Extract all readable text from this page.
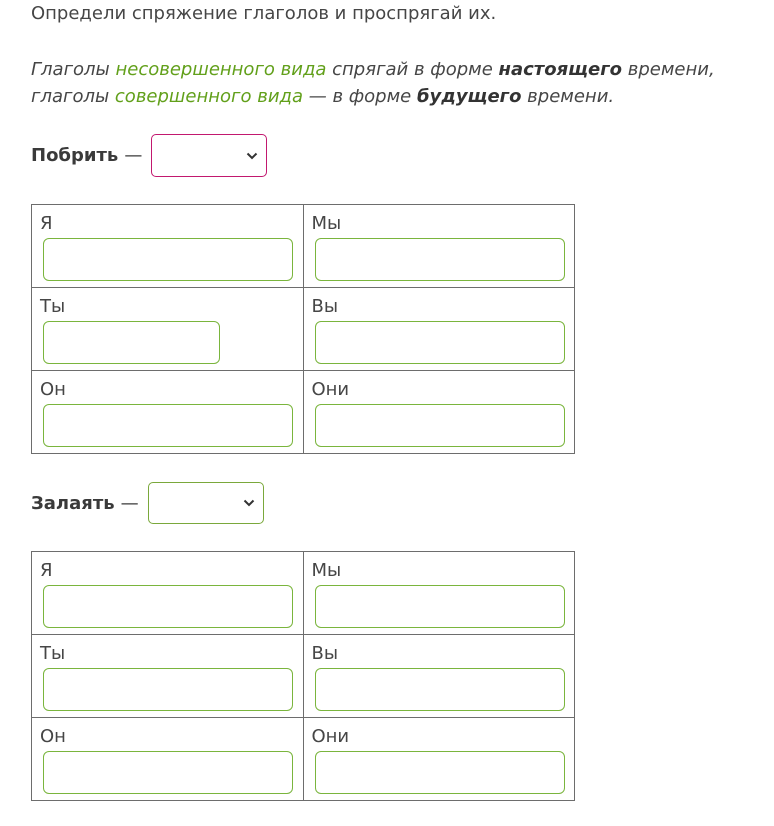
Определи спряжение глаголов и проспрягай их.
Глаголы несовершенного вида спрягай в форме настоящего времени,
глаголы совершенного вида — в форме будущего времени.
Побрить —
Я	Мы

Ты	Вы

Он	Они
Залаять —
Я	Мы

Ты	Вы

Он	Они
